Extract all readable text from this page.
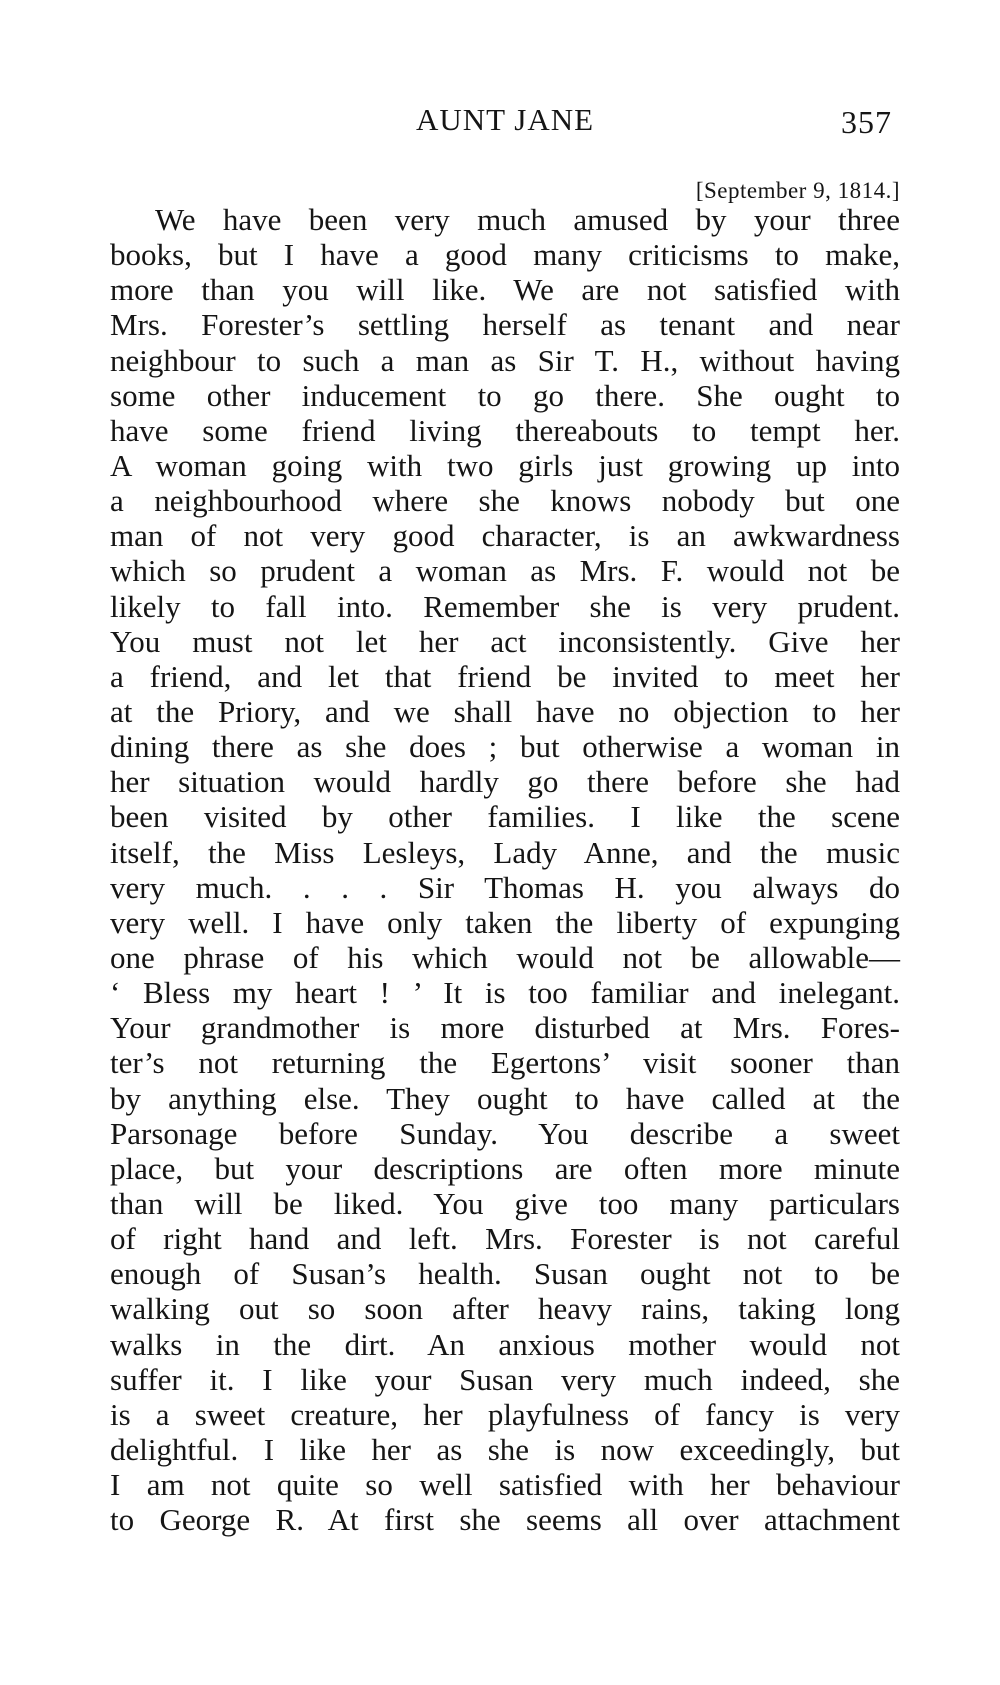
AUNT JANE	357
[September 9, 1814.]
We have been very much amused by your three
books, but I have a good many criticisms to make,
more than you will like. We are not satisfied with
Mrs. Forester’s settling herself as tenant and near
neighbour to such a man as Sir T. H., without having
some other inducement to go there. She ought to
have some friend living thereabouts to tempt her.
A woman going with two girls just growing up into
a neighbourhood where she knows nobody but one
man of not very good character, is an awkwardness
which so prudent a woman as Mrs. F. would not be
likely to fall into. Remember she is very prudent.
You must not let her act inconsistently. Give her
a friend, and let that friend be invited to meet her
at the Priory, and we shall have no objection to her
dining there as she does ; but otherwise a woman in
her situation would hardly go there before she had
been visited by other families. I like the scene
itself, the Miss Lesleys, Lady Anne, and the music
very much. . . . Sir Thomas H. you always do
very well. I have only taken the liberty of expunging
one phrase of his which would not be allowable—
‘ Bless my heart ! ’ It is too familiar and inelegant.
Your grandmother is more disturbed at Mrs. Fores-
ter’s not returning the Egertons’ visit sooner than
by anything else. They ought to have called at the
Parsonage before Sunday. You describe a sweet
place, but your descriptions are often more minute
than will be liked. You give too many particulars
of right hand and left. Mrs. Forester is not careful
enough of Susan’s health. Susan ought not to be
walking out so soon after heavy rains, taking long
walks in the dirt. An anxious mother would not
suffer it. I like your Susan very much indeed, she
is a sweet creature, her playfulness of fancy is very
delightful. I like her as she is now exceedingly, but
I am not quite so well satisfied with her behaviour
to George R. At first she seems all over attachment
